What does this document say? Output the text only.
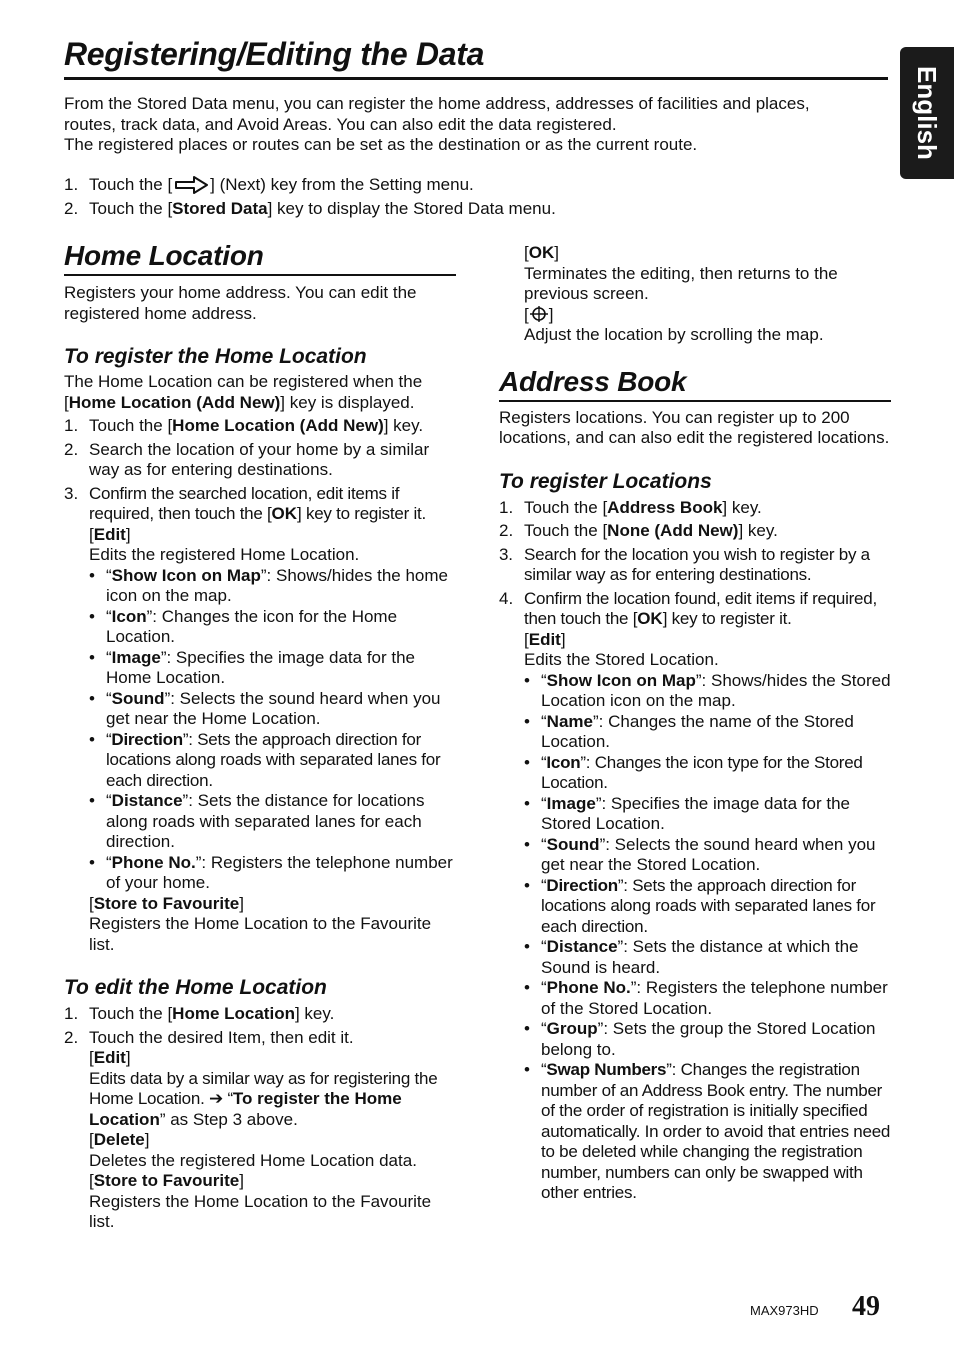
Registering/Editing the Data
English

From the Stored Data menu, you can register the home address, addresses of facilities and places,

routes, track data, and Avoid Areas. You can also edit the data registered.

The registered places or routes can be set as the destination or as the current route.

1. Touch the [ ] (Next) key from the Setting menu.
2. Touch the [Stored Data] key to display the Stored Data menu.
Home Location

Registers your home address. You can edit the registered home address.

To register the Home Location

The Home Location can be registered when the [Home Location (Add New)] key is displayed.

1. Touch the [Home Location (Add New)] key.
2. Search the location of your home by a similar way as for entering destinations.
3. Confirm the searched location, edit items if required, then touch the [OK] key to register it.
[Edit]
Edits the registered Home Location.
• “Show Icon on Map”: Shows/hides the home icon on the map.
• “Icon”: Changes the icon for the Home Location.
• “Image”: Specifies the image data for the Home Location.
• “Sound”: Selects the sound heard when you get near the Home Location.
• “Direction”: Sets the approach direction for locations along roads with separated lanes for each direction.
• “Distance”: Sets the distance for locations along roads with separated lanes for each direction.
• “Phone No.”: Registers the telephone number of your home.
[Store to Favourite]
Registers the Home Location to the Favourite list.
To edit the Home Location
1. Touch the [Home Location] key.
2. Touch the desired Item, then edit it.
[Edit]
Edits data by a similar way as for registering the Home Location. ➔ “To register the Home Location” as Step 3 above.
[Delete]
Deletes the registered Home Location data.
[Store to Favourite]
Registers the Home Location to the Favourite list.
[OK]
Terminates the editing, then returns to the previous screen.
[ ]
Adjust the location by scrolling the map.
Address Book

Registers locations. You can register up to 200 locations, and can also edit the registered locations.

To register Locations
1. Touch the [Address Book] key.
2. Touch the [None (Add New)] key.
3. Search for the location you wish to register by a similar way as for entering destinations.
4. Confirm the location found, edit items if required, then touch the [OK] key to register it.
[Edit]
Edits the Stored Location.
• “Show Icon on Map”: Shows/hides the Stored Location icon on the map.
• “Name”: Changes the name of the Stored Location.
• “Icon”: Changes the icon type for the Stored Location.
• “Image”: Specifies the image data for the Stored Location.
• “Sound”: Selects the sound heard when you get near the Stored Location.
• “Direction”: Sets the approach direction for locations along roads with separated lanes for each direction.
• “Distance”: Sets the distance at which the Sound is heard.
• “Phone No.”: Registers the telephone number of the Stored Location.
• “Group”: Sets the group the Stored Location belong to.
• “Swap Numbers”: Changes the registration number of an Address Book entry. The number of the order of registration is initially specified automatically. In order to avoid that entries need to be deleted while changing the registration number, numbers can only be swapped with other entries.
MAX973HD 49
